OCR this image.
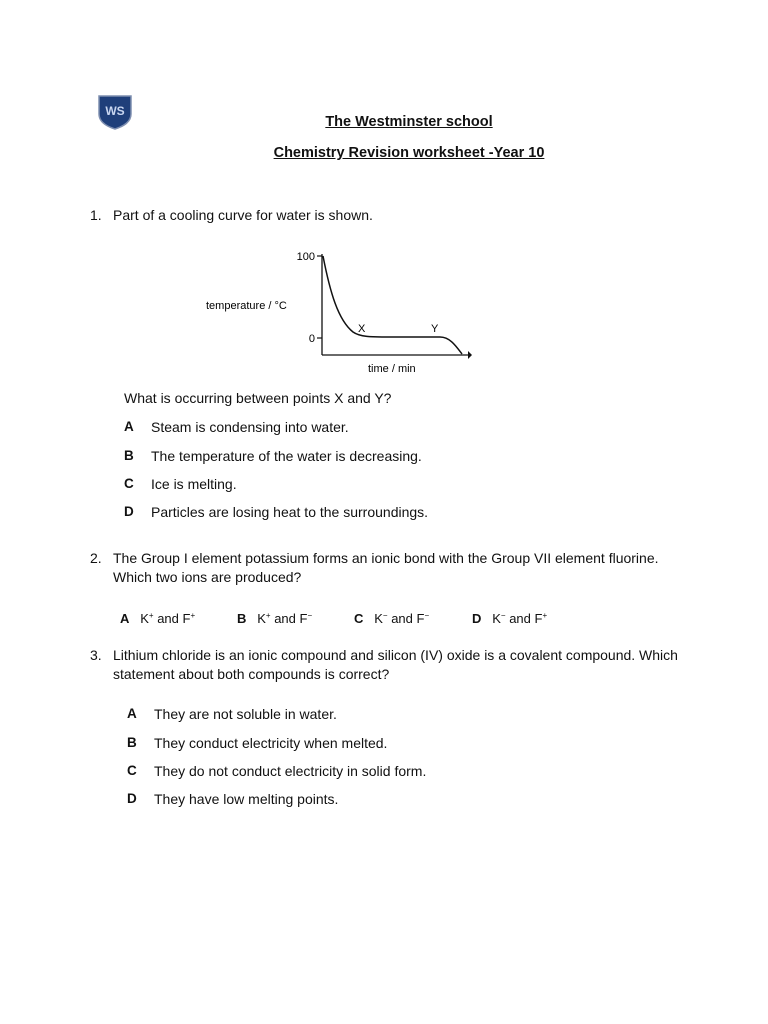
WS
The Westminster school
Chemistry Revision worksheet -Year 10
1. Part of a cooling curve for water is shown.
100
0
temperature / °C
time / min
X	Y
What is occurring between points X and Y?
A Steam is condensing into water.
B The temperature of the water is decreasing.
C Ice is melting.
D Particles are losing heat to the surroundings.
2. The Group I element potassium forms an ionic bond with the Group VII element fluorine.
Which two ions are produced?
A K+ and F+	B K+ and F−	C K− and F−	D K− and F+
3. Lithium chloride is an ionic compound and silicon (IV) oxide is a covalent compound. Which
statement about both compounds is correct?
A They are not soluble in water.
B They conduct electricity when melted.
C They do not conduct electricity in solid form.
D They have low melting points.
